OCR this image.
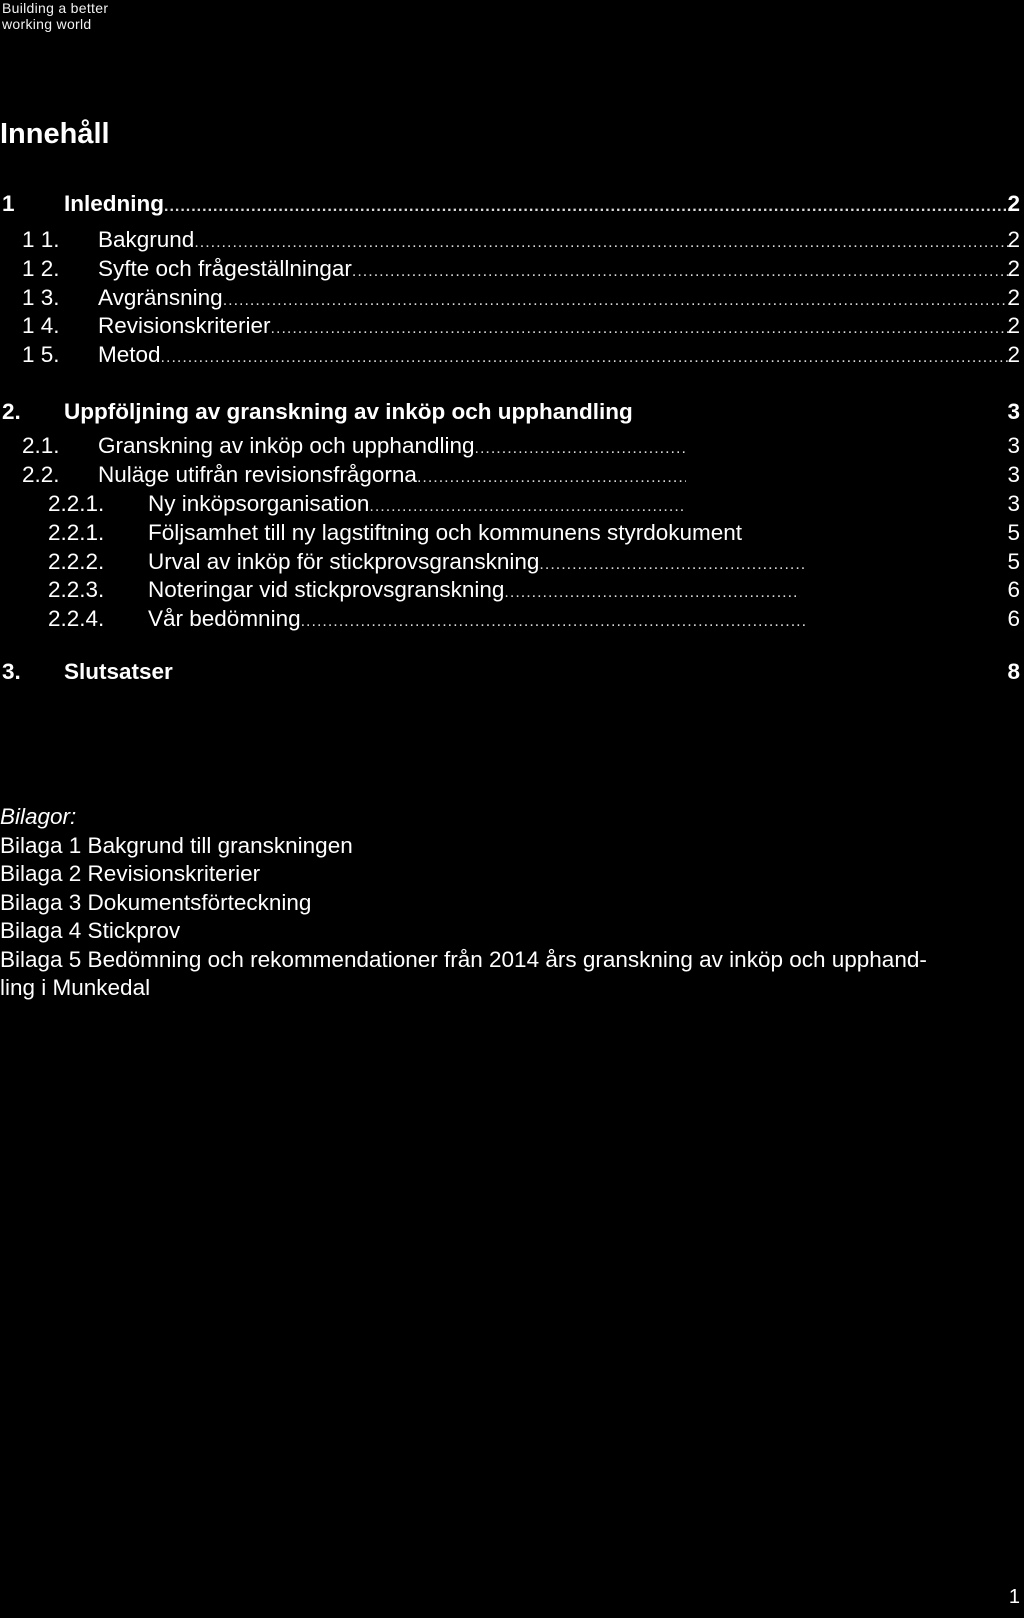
Building a better
working world
Innehåll
1 Inledning .....	2
1 1. Bakgrund .....	2
1 2. Syfte och frågeställningar .....	2
1 3. Avgränsning .....	2
1 4. Revisionskriterier .....	2
1 5. Metod .....	2
2. Uppföljning av granskning av inköp och upphandling	3
2.1. Granskning av inköp och upphandling .....	3
2.2. Nuläge utifrån revisionsfrågorna .....	3
2.2.1. Ny inköpsorganisation .....	3
2.2.1. Följsamhet till ny lagstiftning och kommunens styrdokument	5
2.2.2. Urval av inköp för stickprovsgranskning .....	5
2.2.3. Noteringar vid stickprovsgranskning .....	6
2.2.4. Vår bedömning .....	6
3. Slutsatser	8
Bilagor:
Bilaga 1 Bakgrund till granskningen
Bilaga 2 Revisionskriterier
Bilaga 3 Dokumentsförteckning
Bilaga 4 Stickprov
Bilaga 5 Bedömning och rekommendationer från 2014 års granskning av inköp och upphand-
ling i Munkedal
1
